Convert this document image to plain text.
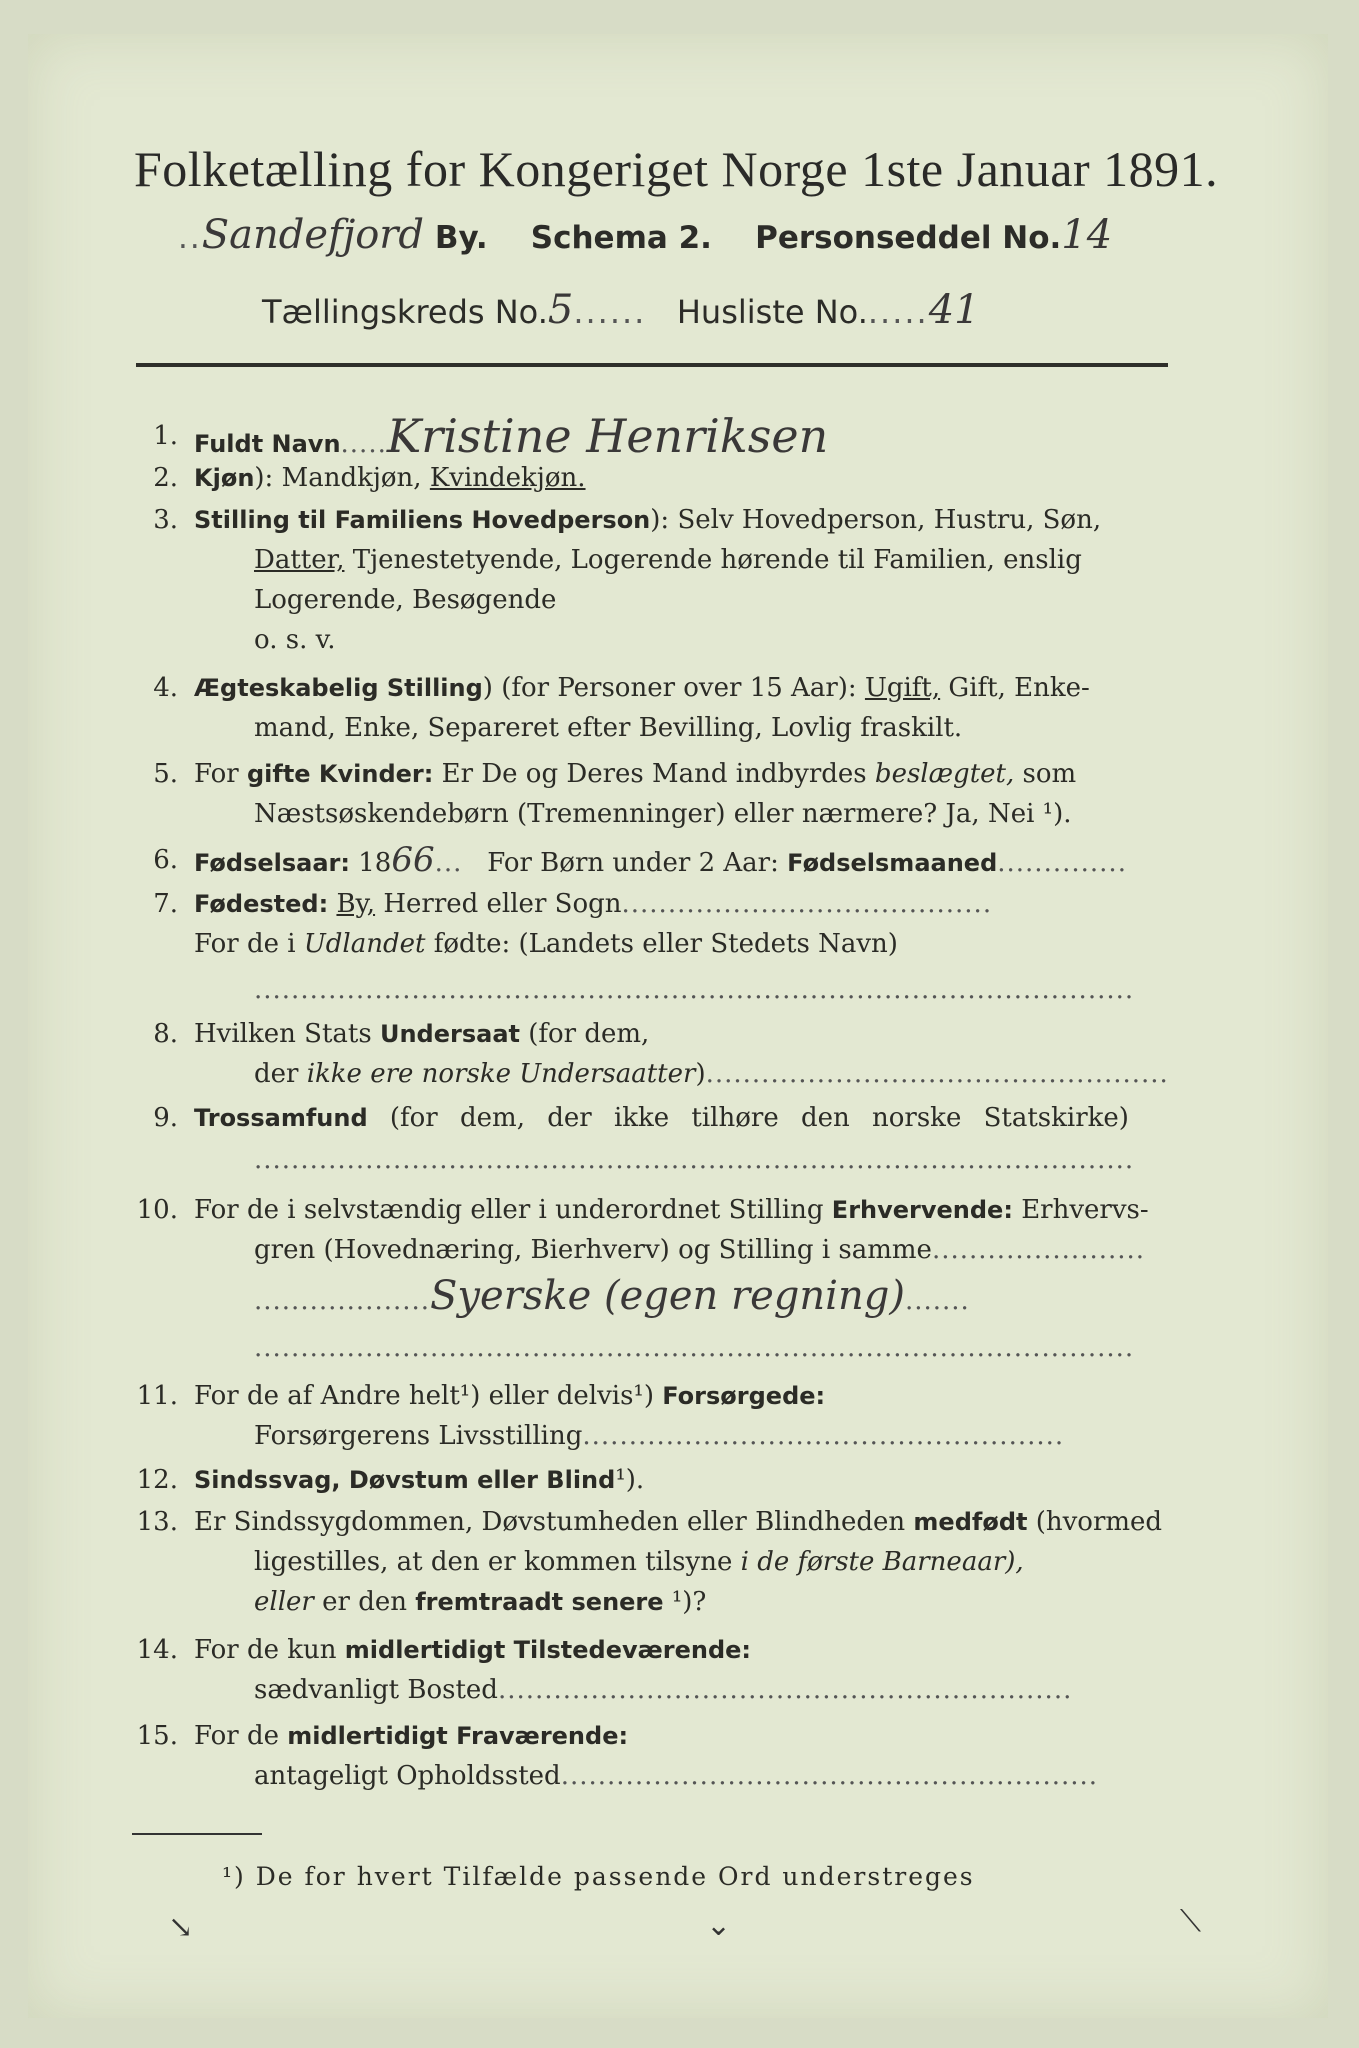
Folketælling for Kongeriget Norge 1ste Januar 1891.
..Sandefjord By. Schema 2. Personseddel No.14
Tællingskreds No.5...... Husliste No......41
1. Fuldt Navn.....Kristine Henriksen
2. Kjøn): Mandkjøn, Kvindekjøn.
3. Stilling til Familiens Hovedperson): Selv Hovedperson, Hustru, Søn,
Datter, Tjenestetyende, Logerende hørende til Familien, enslig
Logerende, Besøgende
o. s. v.
4. Ægteskabelig Stilling) (for Personer over 15 Aar): Ugift, Gift, Enke-
mand, Enke, Separeret efter Bevilling, Lovlig fraskilt.
5. For gifte Kvinder: Er De og Deres Mand indbyrdes beslægtet, som
Næstsøskendebørn (Tremenninger) eller nærmere? Ja, Nei ¹).
6. Fødselsaar: 1866... For Børn under 2 Aar: Fødselsmaaned..............
7. Fødested: By, Herred eller Sogn........................................
For de i Udlandet fødte: (Landets eller Stedets Navn)
...............................................................................................
8. Hvilken Stats Undersaat (for dem,
der ikke ere norske Undersaatter)..................................................
9. Trossamfund (for dem, der ikke tilhøre den norske Statskirke)
...............................................................................................
10. For de i selvstændig eller i underordnet Stilling Erhvervende: Erhvervs-
gren (Hovednæring, Bierhverv) og Stilling i samme.......................
...................Syerske (egen regning).......
...............................................................................................
11. For de af Andre helt¹) eller delvis¹) Forsørgede:
Forsørgerens Livsstilling....................................................
12. Sindssvag, Døvstum eller Blind¹).
13. Er Sindssygdommen, Døvstumheden eller Blindheden medfødt (hvormed
ligestilles, at den er kommen tilsyne i de første Barneaar),
eller er den fremtraadt senere ¹)?
14. For de kun midlertidigt Tilstedeværende:
sædvanligt Bosted..............................................................
15. For de midlertidigt Fraværende:
antageligt Opholdssted..........................................................
¹) De for hvert Tilfælde passende Ord understreges
↘	⌄	⟍
